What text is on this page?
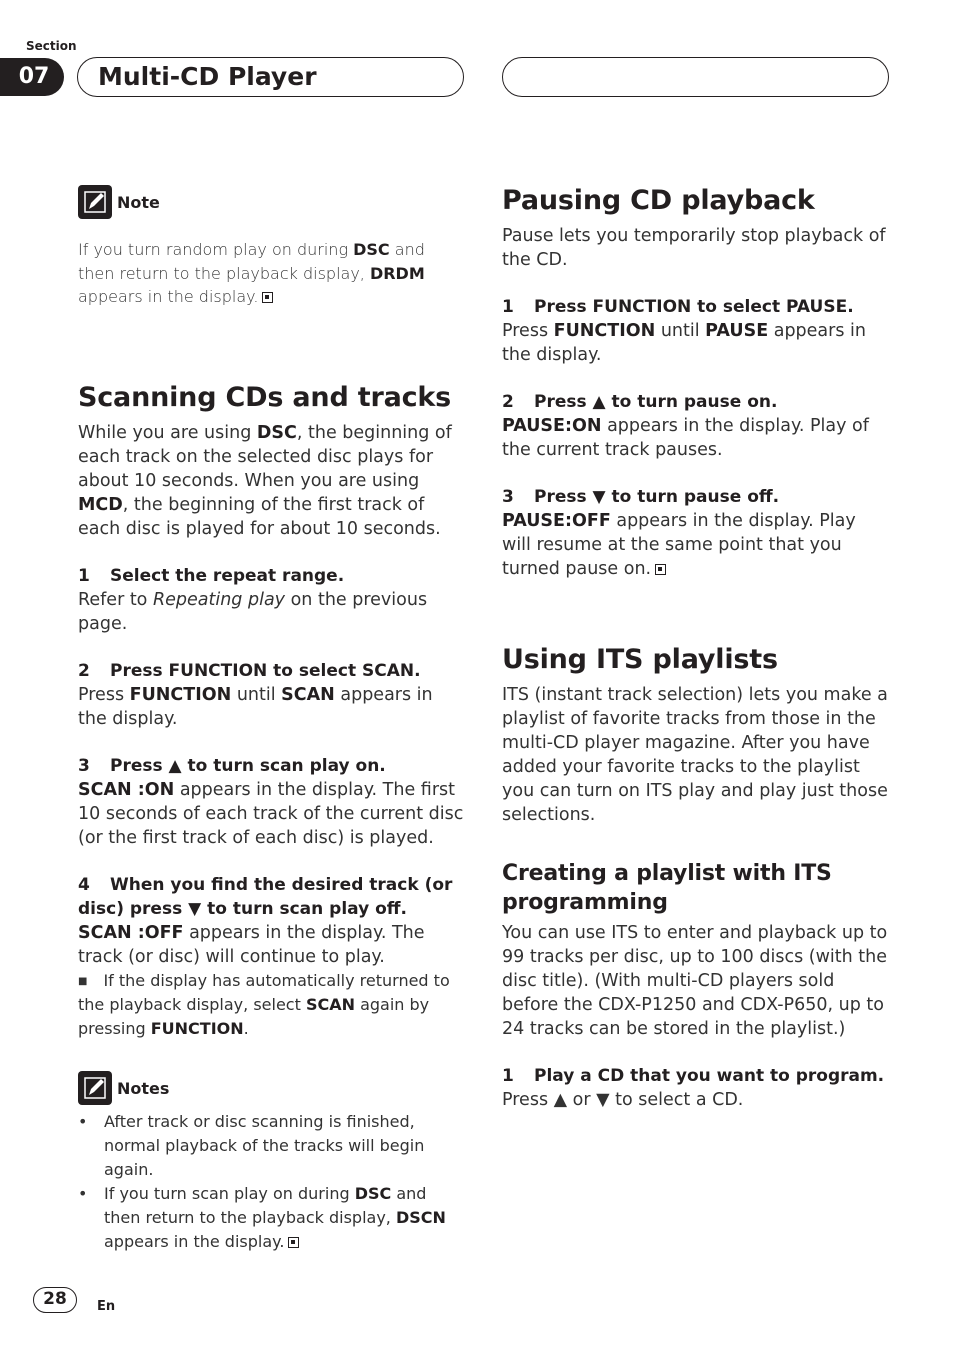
Section
07	Multi-CD Player
Note

If you turn random play on during DSC and then return to the playback display, DRDM appears in the display.

Scanning CDs and tracks

While you are using DSC, the beginning of each track on the selected disc plays for about 10 seconds. When you are using MCD, the beginning of the first track of each disc is played for about 10 seconds.

1 Select the repeat range.

Refer to Repeating play on the previous page.

2 Press FUNCTION to select SCAN.

Press FUNCTION until SCAN appears in the display.

3 Press ▲ to turn scan play on.

SCAN :ON appears in the display. The first 10 seconds of each track of the current disc (or the first track of each disc) is played.

4 When you find the desired track (or disc) press ▼ to turn scan play off.

SCAN :OFF appears in the display. The track (or disc) will continue to play.

■ If the display has automatically returned to the playback display, select SCAN again by pressing FUNCTION.

Notes
•	After track or disc scanning is finished, normal playback of the tracks will begin again.
•	If you turn scan play on during DSC and then return to the playback display, DSCN appears in the display.
Pausing CD playback

Pause lets you temporarily stop playback of the CD.

1 Press FUNCTION to select PAUSE.

Press FUNCTION until PAUSE appears in the display.

2 Press ▲ to turn pause on.

PAUSE:ON appears in the display. Play of the current track pauses.

3 Press ▼ to turn pause off.

PAUSE:OFF appears in the display. Play will resume at the same point that you turned pause on.

Using ITS playlists

ITS (instant track selection) lets you make a playlist of favorite tracks from those in the multi-CD player magazine. After you have added your favorite tracks to the playlist you can turn on ITS play and play just those selections.

Creating a playlist with ITS programming

You can use ITS to enter and playback up to 99 tracks per disc, up to 100 discs (with the disc title). (With multi-CD players sold before the CDX-P1250 and CDX-P650, up to 24 tracks can be stored in the playlist.)

1 Play a CD that you want to program.

Press ▲ or ▼ to select a CD.

28	En
